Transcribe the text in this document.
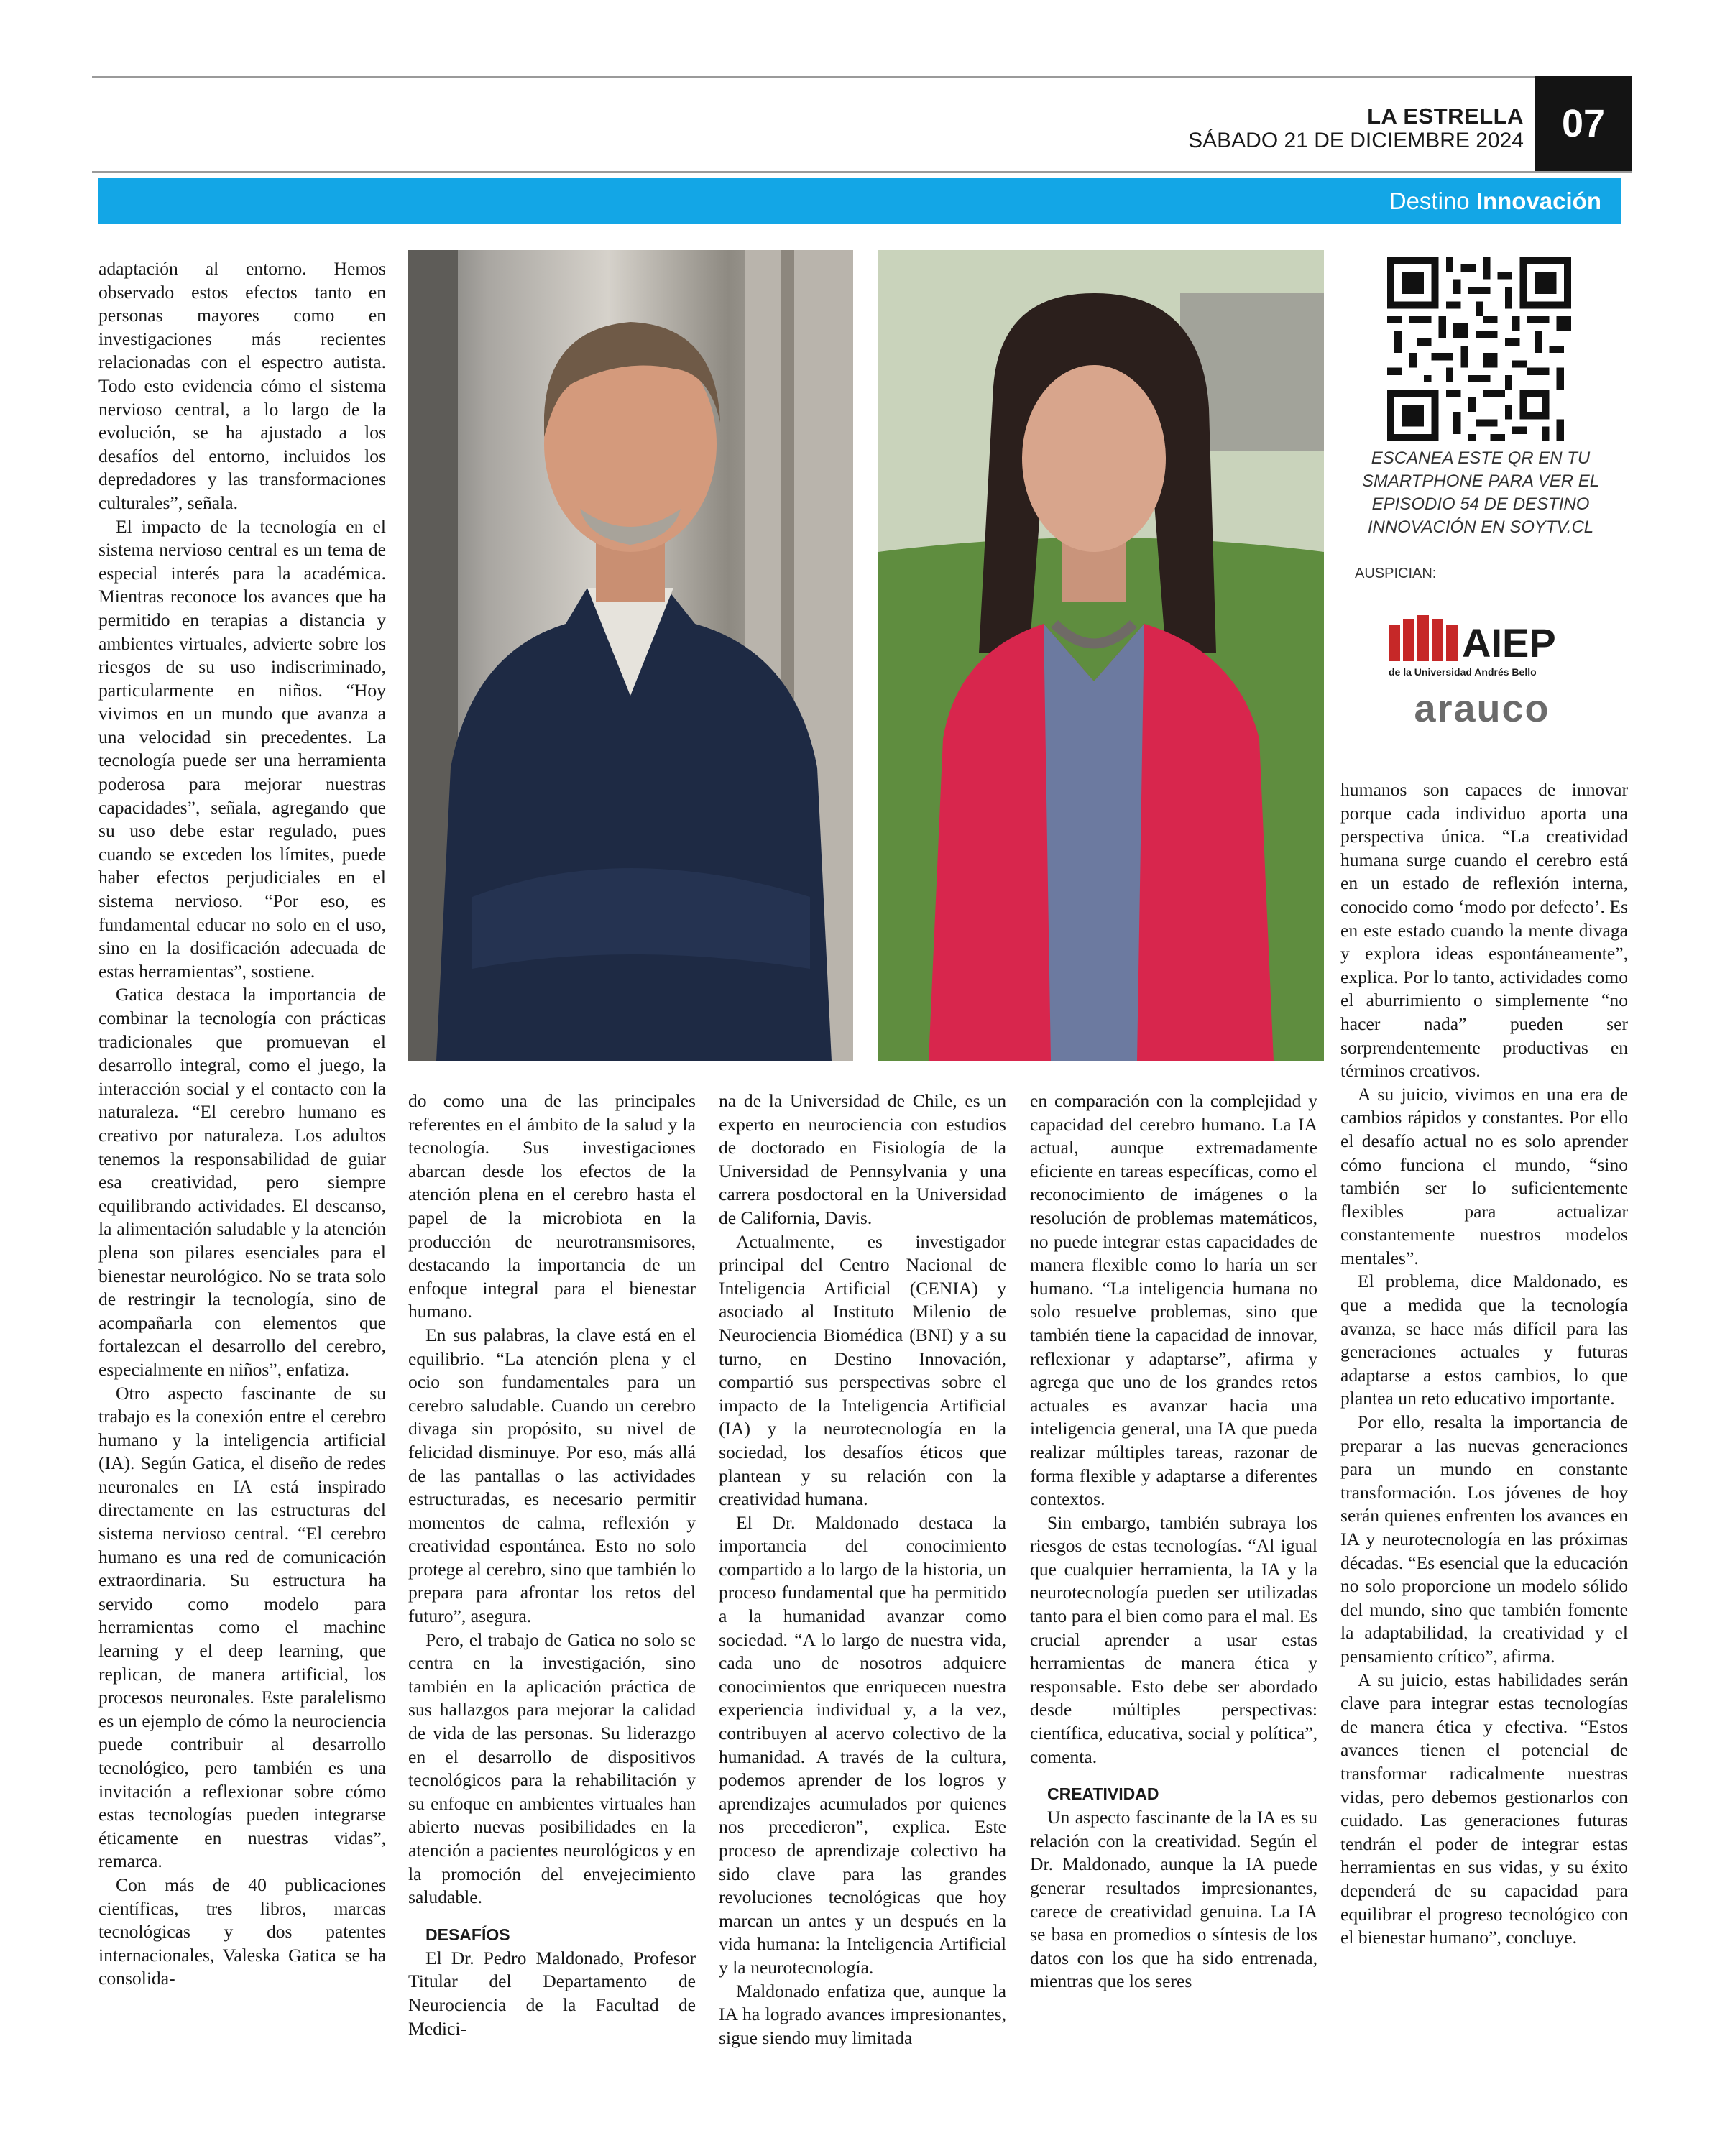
LA ESTRELLA
SÁBADO 21 DE DICIEMBRE 2024 07
Destino Innovación
ESCANEA ESTE QR EN TU SMARTPHONE PARA VER EL EPISODIO 54 DE DESTINO INNOVACIÓN EN SOYTV.CL
AUSPICIAN:
AIEP
de la Universidad Andrés Bello
arauco

adaptación al entorno. Hemos observado estos efectos tanto en personas mayores como en investigaciones más recientes relacionadas con el espectro autista. Todo esto evidencia cómo el sistema nervioso central, a lo largo de la evolución, se ha ajustado a los desafíos del entorno, incluidos los depredadores y las transformaciones culturales”, señala.

El impacto de la tecnología en el sistema nervioso central es un tema de especial interés para la académica. Mientras reconoce los avances que ha permitido en terapias a distancia y ambientes virtuales, advierte sobre los riesgos de su uso indiscriminado, particularmente en niños. “Hoy vivimos en un mundo que avanza a una velocidad sin precedentes. La tecnología puede ser una herramienta poderosa para mejorar nuestras capacidades”, señala, agregando que su uso debe estar regulado, pues cuando se exceden los límites, puede haber efectos perjudiciales en el sistema nervioso. “Por eso, es fundamental educar no solo en el uso, sino en la dosificación adecuada de estas herramientas”, sostiene.

Gatica destaca la importancia de combinar la tecnología con prácticas tradicionales que promuevan el desarrollo integral, como el juego, la interacción social y el contacto con la naturaleza. “El cerebro humano es creativo por naturaleza. Los adultos tenemos la responsabilidad de guiar esa creatividad, pero siempre equilibrando actividades. El descanso, la alimentación saludable y la atención plena son pilares esenciales para el bienestar neurológico. No se trata solo de restringir la tecnología, sino de acompañarla con elementos que fortalezcan el desarrollo del cerebro, especialmente en niños”, enfatiza.

Otro aspecto fascinante de su trabajo es la conexión entre el cerebro humano y la inteligencia artificial (IA). Según Gatica, el diseño de redes neuronales en IA está inspirado directamente en las estructuras del sistema nervioso central. “El cerebro humano es una red de comunicación extraordinaria. Su estructura ha servido como modelo para herramientas como el machine learning y el deep learning, que replican, de manera artificial, los procesos neuronales. Este paralelismo es un ejemplo de cómo la neurociencia puede contribuir al desarrollo tecnológico, pero también es una invitación a reflexionar sobre cómo estas tecnologías pueden integrarse éticamente en nuestras vidas”, remarca.

Con más de 40 publicaciones científicas, tres libros, marcas tecnológicas y dos patentes internacionales, Valeska Gatica se ha consolida-

do como una de las principales referentes en el ámbito de la salud y la tecnología. Sus investigaciones abarcan desde los efectos de la atención plena en el cerebro hasta el papel de la microbiota en la producción de neurotransmisores, destacando la importancia de un enfoque integral para el bienestar humano.

En sus palabras, la clave está en el equilibrio. “La atención plena y el ocio son fundamentales para un cerebro saludable. Cuando un cerebro divaga sin propósito, su nivel de felicidad disminuye. Por eso, más allá de las pantallas o las actividades estructuradas, es necesario permitir momentos de calma, reflexión y creatividad espontánea. Esto no solo protege al cerebro, sino que también lo prepara para afrontar los retos del futuro”, asegura.

Pero, el trabajo de Gatica no solo se centra en la investigación, sino también en la aplicación práctica de sus hallazgos para mejorar la calidad de vida de las personas. Su liderazgo en el desarrollo de dispositivos tecnológicos para la rehabilitación y su enfoque en ambientes virtuales han abierto nuevas posibilidades en la atención a pacientes neurológicos y en la promoción del envejecimiento saludable.

DESAFÍOS

El Dr. Pedro Maldonado, Profesor Titular del Departamento de Neurociencia de la Facultad de Medici-

na de la Universidad de Chile, es un experto en neurociencia con estudios de doctorado en Fisiología de la Universidad de Pennsylvania y una carrera posdoctoral en la Universidad de California, Davis.

Actualmente, es investigador principal del Centro Nacional de Inteligencia Artificial (CENIA) y asociado al Instituto Milenio de Neurociencia Biomédica (BNI) y a su turno, en Destino Innovación, compartió sus perspectivas sobre el impacto de la Inteligencia Artificial (IA) y la neurotecnología en la sociedad, los desafíos éticos que plantean y su relación con la creatividad humana.

El Dr. Maldonado destaca la importancia del conocimiento compartido a lo largo de la historia, un proceso fundamental que ha permitido a la humanidad avanzar como sociedad. “A lo largo de nuestra vida, cada uno de nosotros adquiere conocimientos que enriquecen nuestra experiencia individual y, a la vez, contribuyen al acervo colectivo de la humanidad. A través de la cultura, podemos aprender de los logros y aprendizajes acumulados por quienes nos precedieron”, explica. Este proceso de aprendizaje colectivo ha sido clave para las grandes revoluciones tecnológicas que hoy marcan un antes y un después en la vida humana: la Inteligencia Artificial y la neurotecnología.

Maldonado enfatiza que, aunque la IA ha logrado avances impresionantes, sigue siendo muy limitada

en comparación con la complejidad y capacidad del cerebro humano. La IA actual, aunque extremadamente eficiente en tareas específicas, como el reconocimiento de imágenes o la resolución de problemas matemáticos, no puede integrar estas capacidades de manera flexible como lo haría un ser humano. “La inteligencia humana no solo resuelve problemas, sino que también tiene la capacidad de innovar, reflexionar y adaptarse”, afirma y agrega que uno de los grandes retos actuales es avanzar hacia una inteligencia general, una IA que pueda realizar múltiples tareas, razonar de forma flexible y adaptarse a diferentes contextos.

Sin embargo, también subraya los riesgos de estas tecnologías. “Al igual que cualquier herramienta, la IA y la neurotecnología pueden ser utilizadas tanto para el bien como para el mal. Es crucial aprender a usar estas herramientas de manera ética y responsable. Esto debe ser abordado desde múltiples perspectivas: científica, educativa, social y política”, comenta.

CREATIVIDAD

Un aspecto fascinante de la IA es su relación con la creatividad. Según el Dr. Maldonado, aunque la IA puede generar resultados impresionantes, carece de creatividad genuina. La IA se basa en promedios o síntesis de los datos con los que ha sido entrenada, mientras que los seres

humanos son capaces de innovar porque cada individuo aporta una perspectiva única. “La creatividad humana surge cuando el cerebro está en un estado de reflexión interna, conocido como ‘modo por defecto’. Es en este estado cuando la mente divaga y explora ideas espontáneamente”, explica. Por lo tanto, actividades como el aburrimiento o simplemente “no hacer nada” pueden ser sorprendentemente productivas en términos creativos.

A su juicio, vivimos en una era de cambios rápidos y constantes. Por ello el desafío actual no es solo aprender cómo funciona el mundo, “sino también ser lo suficientemente flexibles para actualizar constantemente nuestros modelos mentales”.

El problema, dice Maldonado, es que a medida que la tecnología avanza, se hace más difícil para las generaciones actuales y futuras adaptarse a estos cambios, lo que plantea un reto educativo importante.

Por ello, resalta la importancia de preparar a las nuevas generaciones para un mundo en constante transformación. Los jóvenes de hoy serán quienes enfrenten los avances en IA y neurotecnología en las próximas décadas. “Es esencial que la educación no solo proporcione un modelo sólido del mundo, sino que también fomente la adaptabilidad, la creatividad y el pensamiento crítico”, afirma.

A su juicio, estas habilidades serán clave para integrar estas tecnologías de manera ética y efectiva. “Estos avances tienen el potencial de transformar radicalmente nuestras vidas, pero debemos gestionarlos con cuidado. Las generaciones futuras tendrán el poder de integrar estas herramientas en sus vidas, y su éxito dependerá de su capacidad para equilibrar el progreso tecnológico con el bienestar humano”, concluye.
